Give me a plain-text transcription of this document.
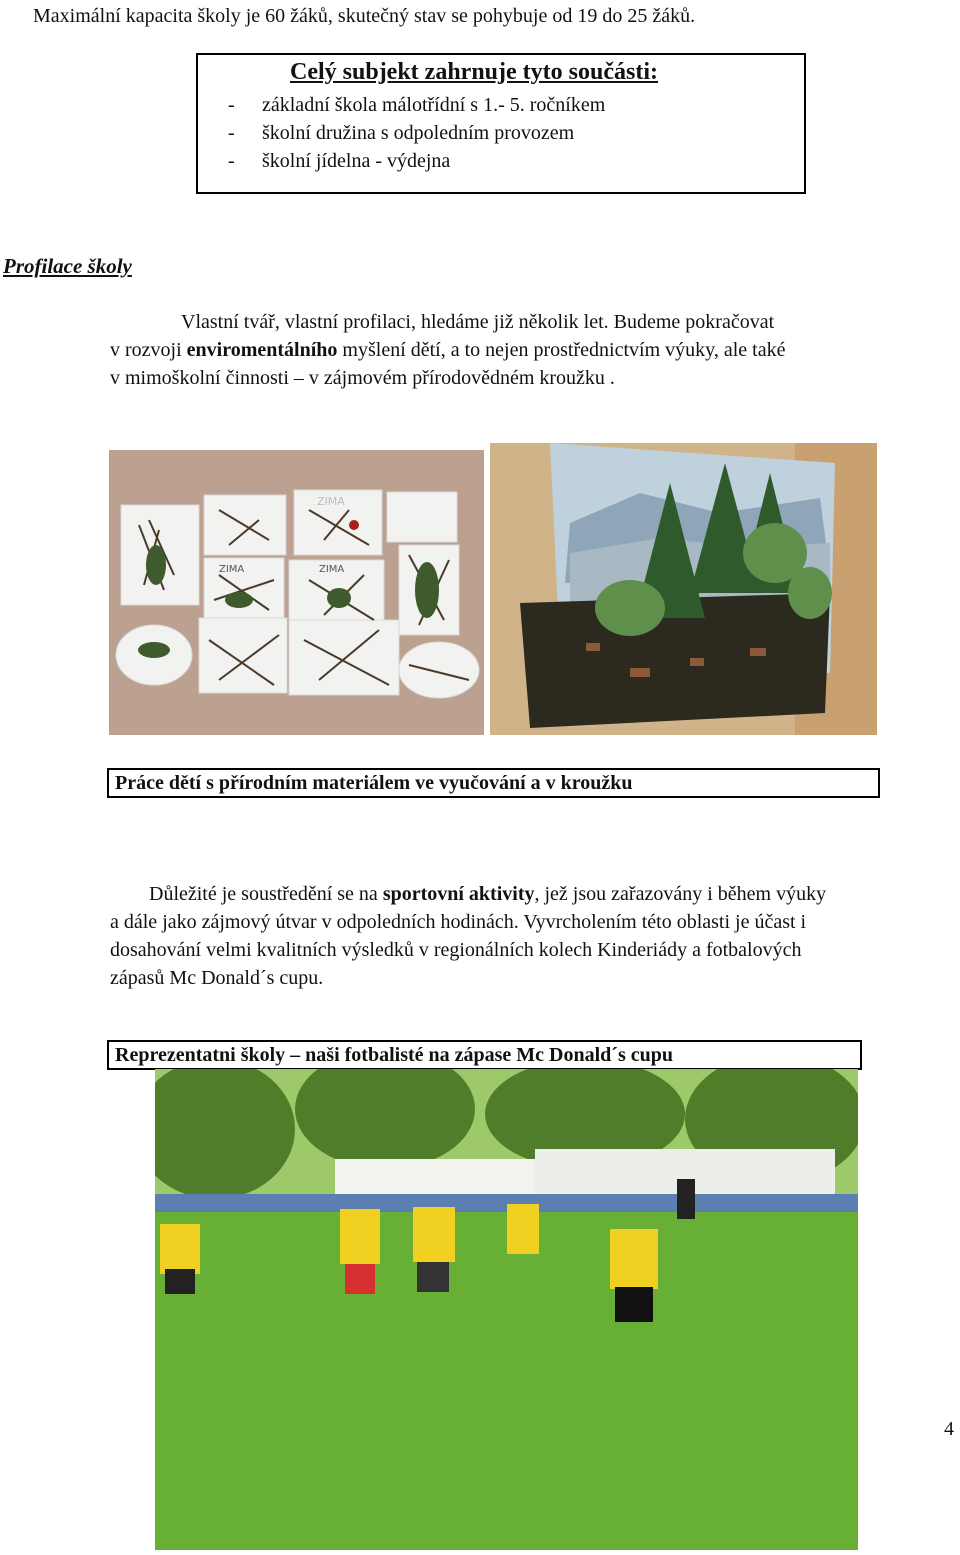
Maximální kapacita školy je 60 žáků, skutečný stav se pohybuje od 19 do 25 žáků.
Celý subjekt zahrnuje tyto součásti:
- základní škola málotřídní s 1.- 5. ročníkem
- školní družina s odpoledním provozem
- školní jídelna - výdejna
Profilace školy
Vlastní tvář, vlastní profilaci, hledáme již několik let. Budeme pokračovat
v rozvoji enviromentálního myšlení dětí, a to nejen prostřednictvím výuky, ale také
v mimoškolní činnosti – v zájmovém přírodovědném kroužku .
ZIMA
ZIMA	ZIMA
Práce dětí s přírodním materiálem ve vyučování a v kroužku
Důležité je soustředění se na sportovní aktivity, jež jsou zařazovány i během výuky
a dále jako zájmový útvar v odpoledních hodinách. Vyvrcholením této oblasti je účast i
dosahování velmi kvalitních výsledků v regionálních kolech Kinderiády a fotbalových
zápasů Mc Donald´s cupu.
Reprezentatni školy – naši fotbalisté na zápase Mc Donald´s cupu
4
